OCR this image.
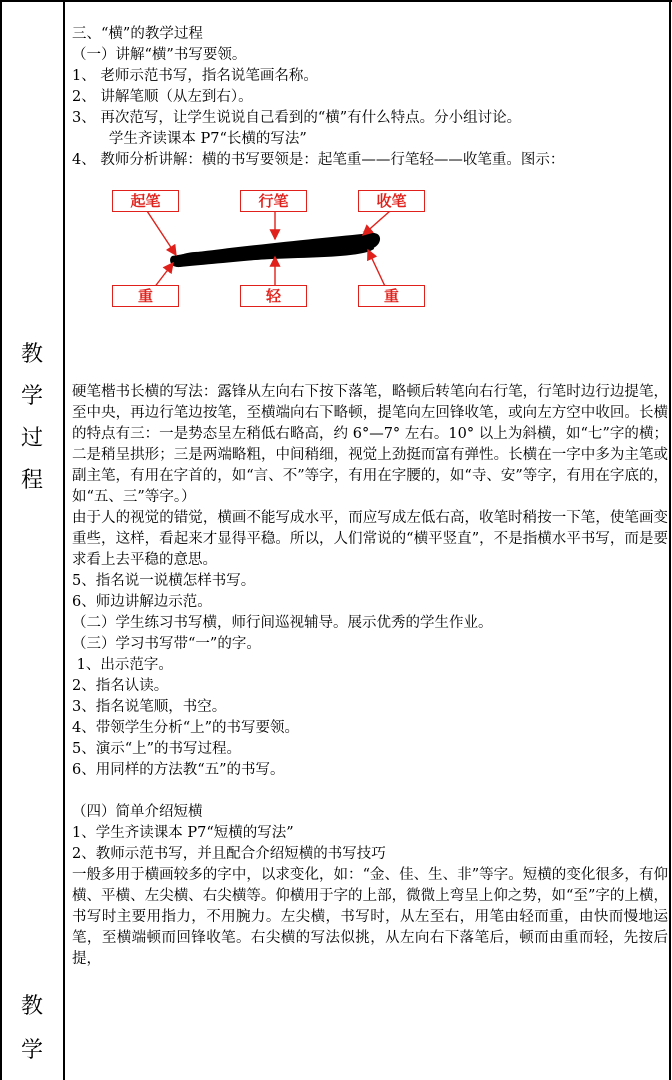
教
学
过
程
教
学
三、“横”的教学过程
（一）讲解“横”书写要领。
1、 老师示范书写，指名说笔画名称。
2、 讲解笔顺（从左到右）。
3、 再次范写，让学生说说自己看到的“横”有什么特点。分小组讨论。
学生齐读课本 P7“长横的写法”
4、 教师分析讲解：横的书写要领是：起笔重——行笔轻——收笔重。图示：
起笔	行笔	收笔
重	轻	重

硬笔楷书长横的写法：露锋从左向右下按下落笔，略顿后转笔向右行笔，行笔时边行边提笔，至中央，再边行笔边按笔，至横端向右下略顿，提笔向左回锋收笔，或向左方空中收回。长横的特点有三：一是势态呈左稍低右略高，约 6°—7° 左右。10° 以上为斜横，如“七”字的横；二是稍呈拱形；三是两端略粗，中间稍细，视觉上劲挺而富有弹性。长横在一字中多为主笔或副主笔，有用在字首的，如“言、不”等字，有用在字腰的，如“寺、安”等字，有用在字底的，如“五、三”等字。）

由于人的视觉的错觉，横画不能写成水平，而应写成左低右高，收笔时稍按一下笔，使笔画变重些，这样，看起来才显得平稳。所以，人们常说的“横平竖直”，不是指横水平书写，而是要求看上去平稳的意思。

5、指名说一说横怎样书写。
6、师边讲解边示范。
（二）学生练习书写横，师行间巡视辅导。展示优秀的学生作业。
（三）学习书写带“一”的字。
1、出示范字。
2、指名认读。
3、指名说笔顺，书空。
4、带领学生分析“上”的书写要领。
5、演示“上”的书写过程。
6、用同样的方法教“五”的书写。
（四）简单介绍短横
1、学生齐读课本 P7“短横的写法”
2、教师示范书写，并且配合介绍短横的书写技巧

一般多用于横画较多的字中，以求变化，如：“金、佳、生、非”等字。短横的变化很多，有仰横、平横、左尖横、右尖横等。仰横用于字的上部，微微上弯呈上仰之势，如“至”字的上横，书写时主要用指力，不用腕力。左尖横，书写时，从左至右，用笔由轻而重，由快而慢地运笔，至横端顿而回锋收笔。右尖横的写法似挑，从左向右下落笔后，顿而由重而轻，先按后提，
